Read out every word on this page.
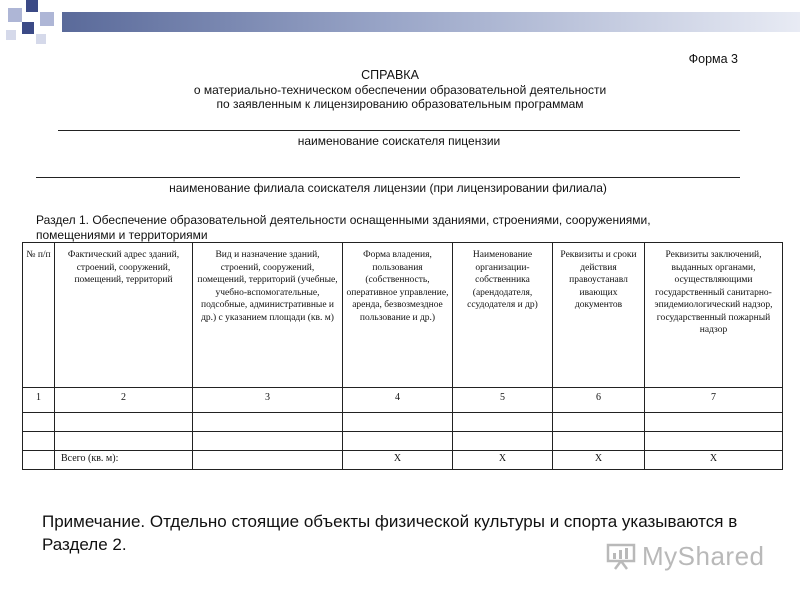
Форма 3
СПРАВКА
о материально-техническом обеспечении образовательной деятельности
по заявленным к лицензированию образовательным программам
наименование соискателя пицензии
наименование филиала соискателя лицензии (при лицензировании филиала)
Раздел 1. Обеспечение образовательной деятельности оснащенными зданиями, строениями, сооружениями, помещениями и территориями
№ п/п	Фактический адрес зданий, строений, сооружений, помещений, территорий	Вид и назначение зданий, строений, сооружений, помещений, территорий (учебные, учебно-вспомогательные, подсобные, административные и др.) с указанием площади (кв. м)	Форма владения, пользования (собственность, оперативное управление, аренда, безвозмездное пользование и др.)	Наименование организации-собственника (арендодателя, ссудодателя и др)	Реквизиты и сроки действия правоустанавл ивающих документов	Реквизиты заключений, выданных органами, осуществляющими государственный санитарно-эпидемиологический надзор, государственный пожарный надзор
1	2	3	4	5	6	7

	Всего (кв. м):		X	X	X	X
Примечание. Отдельно стоящие объекты физической культуры и спорта указываются в Разделе 2.	MyShared
